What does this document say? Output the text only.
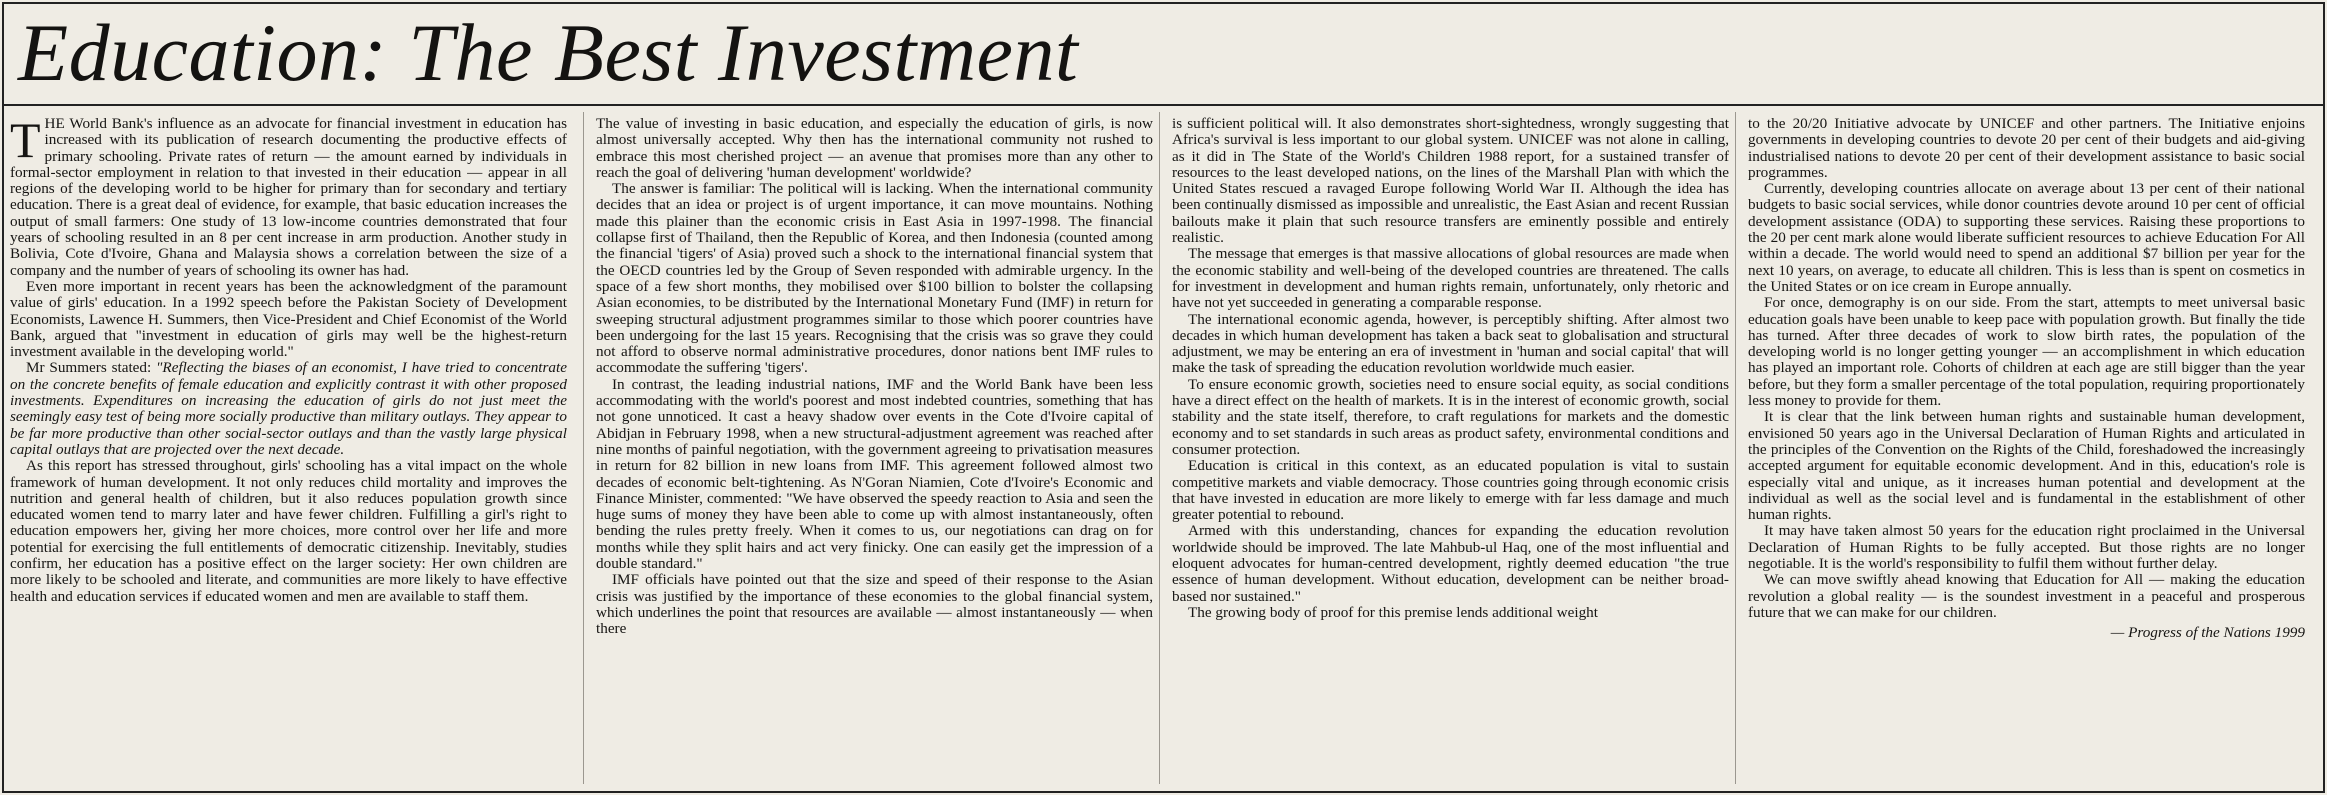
Education: The Best Investment

THE World Bank's influence as an advocate for financial investment in education has increased with its publication of research documenting the productive effects of primary schooling. Private rates of return — the amount earned by individuals in formal-sector employment in relation to that invested in their education — appear in all regions of the developing world to be higher for primary than for secondary and tertiary education. There is a great deal of evidence, for example, that basic education increases the output of small farmers: One study of 13 low-income countries demonstrated that four years of schooling resulted in an 8 per cent increase in arm production. Another study in Bolivia, Cote d'Ivoire, Ghana and Malaysia shows a correlation between the size of a company and the number of years of schooling its owner has had.

Even more important in recent years has been the acknowledgment of the paramount value of girls' education. In a 1992 speech before the Pakistan Society of Development Economists, Lawence H. Summers, then Vice-President and Chief Economist of the World Bank, argued that "investment in education of girls may well be the highest-return investment available in the developing world."

Mr Summers stated: "Reflecting the biases of an economist, I have tried to concentrate on the concrete benefits of female education and explicitly contrast it with other proposed investments. Expenditures on increasing the education of girls do not just meet the seemingly easy test of being more socially productive than military outlays. They appear to be far more productive than other social-sector outlays and than the vastly large physical capital outlays that are projected over the next decade.

As this report has stressed throughout, girls' schooling has a vital impact on the whole framework of human development. It not only reduces child mortality and improves the nutrition and general health of children, but it also reduces population growth since educated women tend to marry later and have fewer children. Fulfilling a girl's right to education empowers her, giving her more choices, more control over her life and more potential for exercising the full entitlements of democratic citizenship. Inevitably, studies confirm, her education has a positive effect on the larger society: Her own children are more likely to be schooled and literate, and communities are more likely to have effective health and education services if educated women and men are available to staff them.

The value of investing in basic education, and especially the education of girls, is now almost universally accepted. Why then has the international community not rushed to embrace this most cherished project — an avenue that promises more than any other to reach the goal of delivering 'human development' worldwide?

The answer is familiar: The political will is lacking. When the international community decides that an idea or project is of urgent importance, it can move mountains. Nothing made this plainer than the economic crisis in East Asia in 1997-1998. The financial collapse first of Thailand, then the Republic of Korea, and then Indonesia (counted among the financial 'tigers' of Asia) proved such a shock to the international financial system that the OECD countries led by the Group of Seven responded with admirable urgency. In the space of a few short months, they mobilised over $100 billion to bolster the collapsing Asian economies, to be distributed by the International Monetary Fund (IMF) in return for sweeping structural adjustment programmes similar to those which poorer countries have been undergoing for the last 15 years. Recognising that the crisis was so grave they could not afford to observe normal administrative procedures, donor nations bent IMF rules to accommodate the suffering 'tigers'.

In contrast, the leading industrial nations, IMF and the World Bank have been less accommodating with the world's poorest and most indebted countries, something that has not gone unnoticed. It cast a heavy shadow over events in the Cote d'Ivoire capital of Abidjan in February 1998, when a new structural-adjustment agreement was reached after nine months of painful negotiation, with the government agreeing to privatisation measures in return for 82 billion in new loans from IMF. This agreement followed almost two decades of economic belt-tightening. As N'Goran Niamien, Cote d'Ivoire's Economic and Finance Minister, commented: "We have observed the speedy reaction to Asia and seen the huge sums of money they have been able to come up with almost instantaneously, often bending the rules pretty freely. When it comes to us, our negotiations can drag on for months while they split hairs and act very finicky. One can easily get the impression of a double standard."

IMF officials have pointed out that the size and speed of their response to the Asian crisis was justified by the importance of these economies to the global financial system, which underlines the point that resources are available — almost instantaneously — when there

is sufficient political will. It also demonstrates short-sightedness, wrongly suggesting that Africa's survival is less important to our global system. UNICEF was not alone in calling, as it did in The State of the World's Children 1988 report, for a sustained transfer of resources to the least developed nations, on the lines of the Marshall Plan with which the United States rescued a ravaged Europe following World War II. Although the idea has been continually dismissed as impossible and unrealistic, the East Asian and recent Russian bailouts make it plain that such resource transfers are eminently possible and entirely realistic.

The message that emerges is that massive allocations of global resources are made when the economic stability and well-being of the developed countries are threatened. The calls for investment in development and human rights remain, unfortunately, only rhetoric and have not yet succeeded in generating a comparable response.

The international economic agenda, however, is perceptibly shifting. After almost two decades in which human development has taken a back seat to globalisation and structural adjustment, we may be entering an era of investment in 'human and social capital' that will make the task of spreading the education revolution worldwide much easier.

To ensure economic growth, societies need to ensure social equity, as social conditions have a direct effect on the health of markets. It is in the interest of economic growth, social stability and the state itself, therefore, to craft regulations for markets and the domestic economy and to set standards in such areas as product safety, environmental conditions and consumer protection.

Education is critical in this context, as an educated population is vital to sustain competitive markets and viable democracy. Those countries going through economic crisis that have invested in education are more likely to emerge with far less damage and much greater potential to rebound.

Armed with this understanding, chances for expanding the education revolution worldwide should be improved. The late Mahbub-ul Haq, one of the most influential and eloquent advocates for human-centred development, rightly deemed education "the true essence of human development. Without education, development can be neither broad-based nor sustained."

The growing body of proof for this premise lends additional weight

to the 20/20 Initiative advocate by UNICEF and other partners. The Initiative enjoins governments in developing countries to devote 20 per cent of their budgets and aid-giving industrialised nations to devote 20 per cent of their development assistance to basic social programmes.

Currently, developing countries allocate on average about 13 per cent of their national budgets to basic social services, while donor countries devote around 10 per cent of official development assistance (ODA) to supporting these services. Raising these proportions to the 20 per cent mark alone would liberate sufficient resources to achieve Education For All within a decade. The world would need to spend an additional $7 billion per year for the next 10 years, on average, to educate all children. This is less than is spent on cosmetics in the United States or on ice cream in Europe annually.

For once, demography is on our side. From the start, attempts to meet universal basic education goals have been unable to keep pace with population growth. But finally the tide has turned. After three decades of work to slow birth rates, the population of the developing world is no longer getting younger — an accomplishment in which education has played an important role. Cohorts of children at each age are still bigger than the year before, but they form a smaller percentage of the total population, requiring proportionately less money to provide for them.

It is clear that the link between human rights and sustainable human development, envisioned 50 years ago in the Universal Declaration of Human Rights and articulated in the principles of the Convention on the Rights of the Child, foreshadowed the increasingly accepted argument for equitable economic development. And in this, education's role is especially vital and unique, as it increases human potential and development at the individual as well as the social level and is fundamental in the establishment of other human rights.

It may have taken almost 50 years for the education right proclaimed in the Universal Declaration of Human Rights to be fully accepted. But those rights are no longer negotiable. It is the world's responsibility to fulfil them without further delay.

We can move swiftly ahead knowing that Education for All — making the education revolution a global reality — is the soundest investment in a peaceful and prosperous future that we can make for our children.

— Progress of the Nations 1999
